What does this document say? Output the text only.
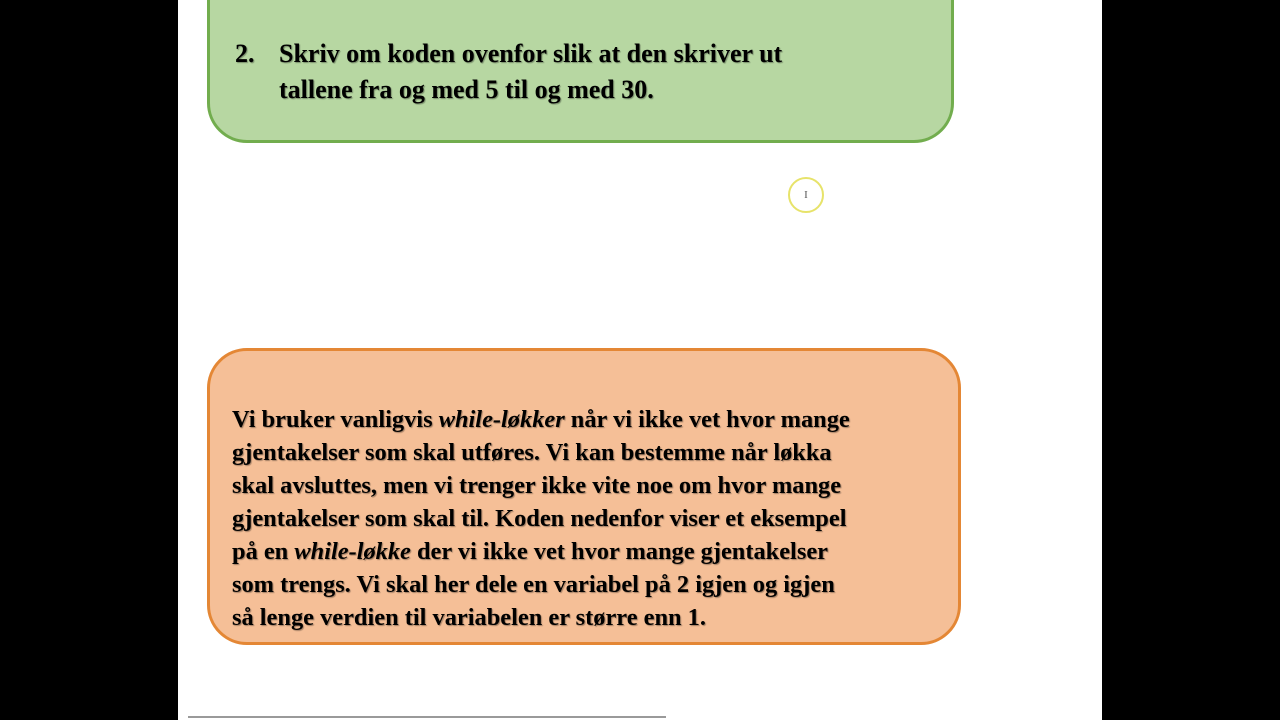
2. Skriv om koden ovenfor slik at den skriver ut
tallene fra og med 5 til og med 30.
I
Vi bruker vanligvis while-løkker når vi ikke vet hvor mange
gjentakelser som skal utføres. Vi kan bestemme når løkka
skal avsluttes, men vi trenger ikke vite noe om hvor mange
gjentakelser som skal til. Koden nedenfor viser et eksempel
på en while-løkke der vi ikke vet hvor mange gjentakelser
som trengs. Vi skal her dele en variabel på 2 igjen og igjen
så lenge verdien til variabelen er større enn 1.
